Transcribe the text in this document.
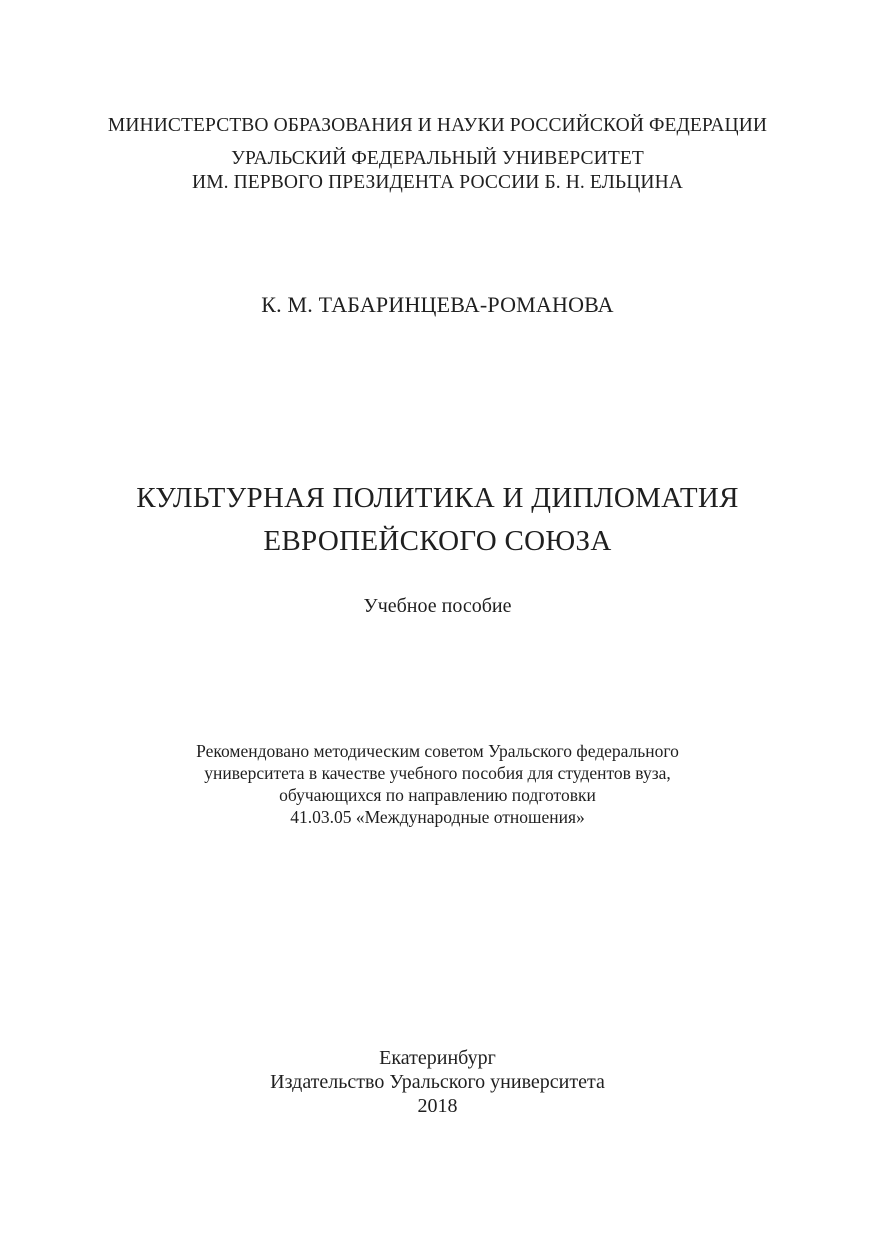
МИНИСТЕРСТВО ОБРАЗОВАНИЯ И НАУКИ РОССИЙСКОЙ ФЕДЕРАЦИИ
УРАЛЬСКИЙ ФЕДЕРАЛЬНЫЙ УНИВЕРСИТЕТ
ИМ. ПЕРВОГО ПРЕЗИДЕНТА РОССИИ Б. Н. ЕЛЬЦИНА
К. М. ТАБАРИНЦЕВА-РОМАНОВА
КУЛЬТУРНАЯ ПОЛИТИКА И ДИПЛОМАТИЯ
ЕВРОПЕЙСКОГО СОЮЗА
Учебное пособие
Рекомендовано методическим советом Уральского федерального
университета в качестве учебного пособия для студентов вуза,
обучающихся по направлению подготовки
41.03.05 «Международные отношения»
Екатеринбург
Издательство Уральского университета
2018
